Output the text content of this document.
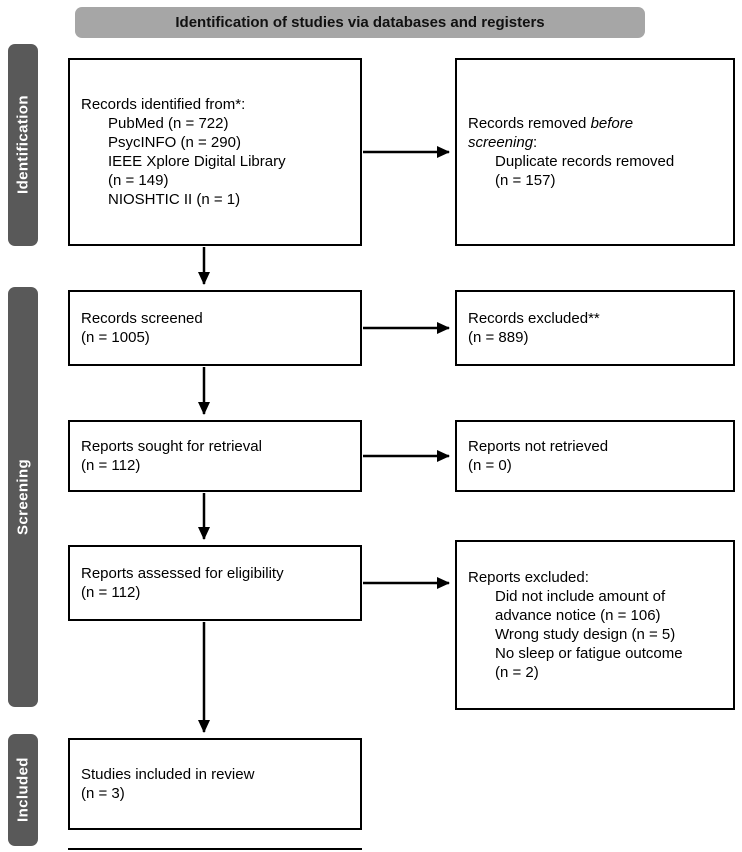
Identification of studies via databases and registers
Identification
Screening
Included
Records identified from*:
PubMed (n = 722)
PsycINFO (n = 290)
IEEE Xplore Digital Library
(n = 149)
NIOSHTIC II (n = 1)
Records removed before
screening:
Duplicate records removed
(n = 157)
Records screened
(n = 1005)
Records excluded**
(n = 889)
Reports sought for retrieval
(n = 112)
Reports not retrieved
(n = 0)
Reports assessed for eligibility
(n = 112)
Reports excluded:
Did not include amount of
advance notice (n = 106)
Wrong study design (n = 5)
No sleep or fatigue outcome
(n = 2)
Studies included in review
(n = 3)
